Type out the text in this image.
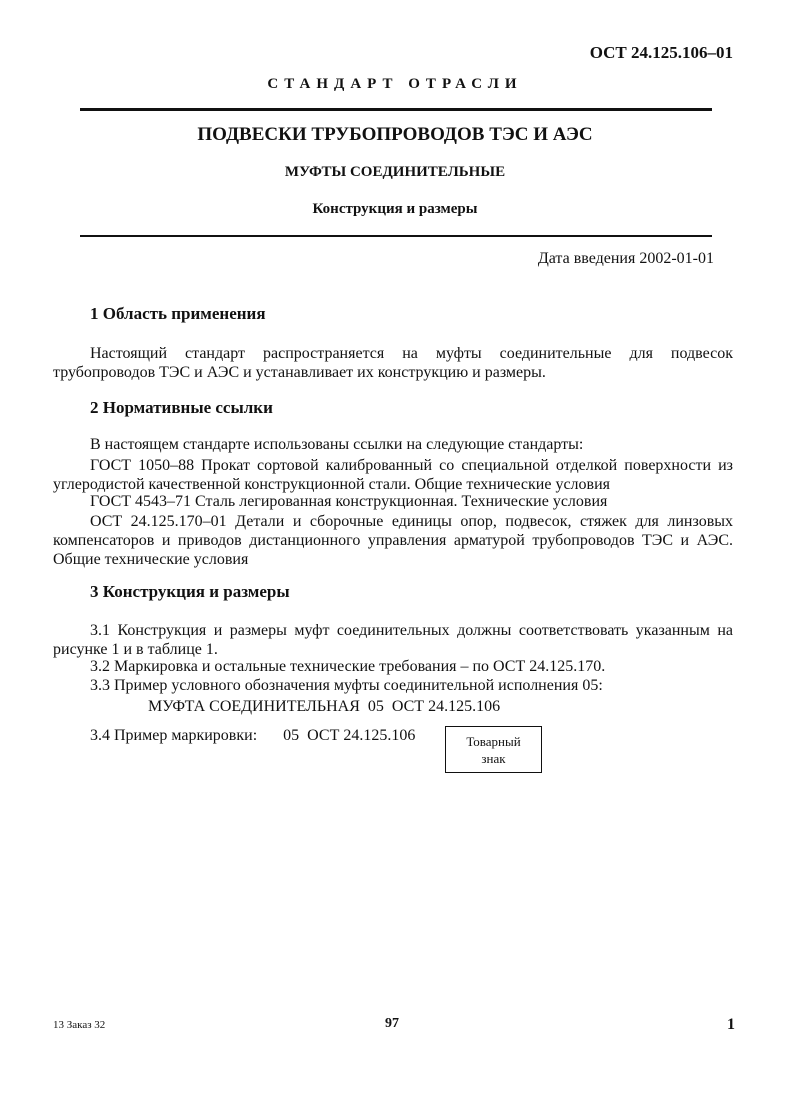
ОСТ 24.125.106–01
СТАНДАРТ ОТРАСЛИ
ПОДВЕСКИ ТРУБОПРОВОДОВ ТЭС И АЭС
МУФТЫ СОЕДИНИТЕЛЬНЫЕ
Конструкция и размеры
Дата введения 2002-01-01
1 Область применения
Настоящий стандарт распространяется на муфты соединительные для подвесок трубопроводов ТЭС и АЭС и устанавливает их конструкцию и размеры.
2 Нормативные ссылки
В настоящем стандарте использованы ссылки на следующие стандарты:
ГОСТ 1050–88 Прокат сортовой калиброванный со специальной отделкой поверхности из углеродистой качественной конструкционной стали. Общие технические условия
ГОСТ 4543–71 Сталь легированная конструкционная. Технические условия
ОСТ 24.125.170–01 Детали и сборочные единицы опор, подвесок, стяжек для линзовых компенсаторов и приводов дистанционного управления арматурой трубопроводов ТЭС и АЭС. Общие технические условия
3 Конструкция и размеры
3.1 Конструкция и размеры муфт соединительных должны соответствовать указанным на рисунке 1 и в таблице 1.
3.2 Маркировка и остальные технические требования – по ОСТ 24.125.170.
3.3 Пример условного обозначения муфты соединительной исполнения 05:
МУФТА СОЕДИНИТЕЛЬНАЯ  05  ОСТ 24.125.106
3.4 Пример маркировки: 05  ОСТ 24.125.106	Товарный
знак
13 Заказ 32	97	1
